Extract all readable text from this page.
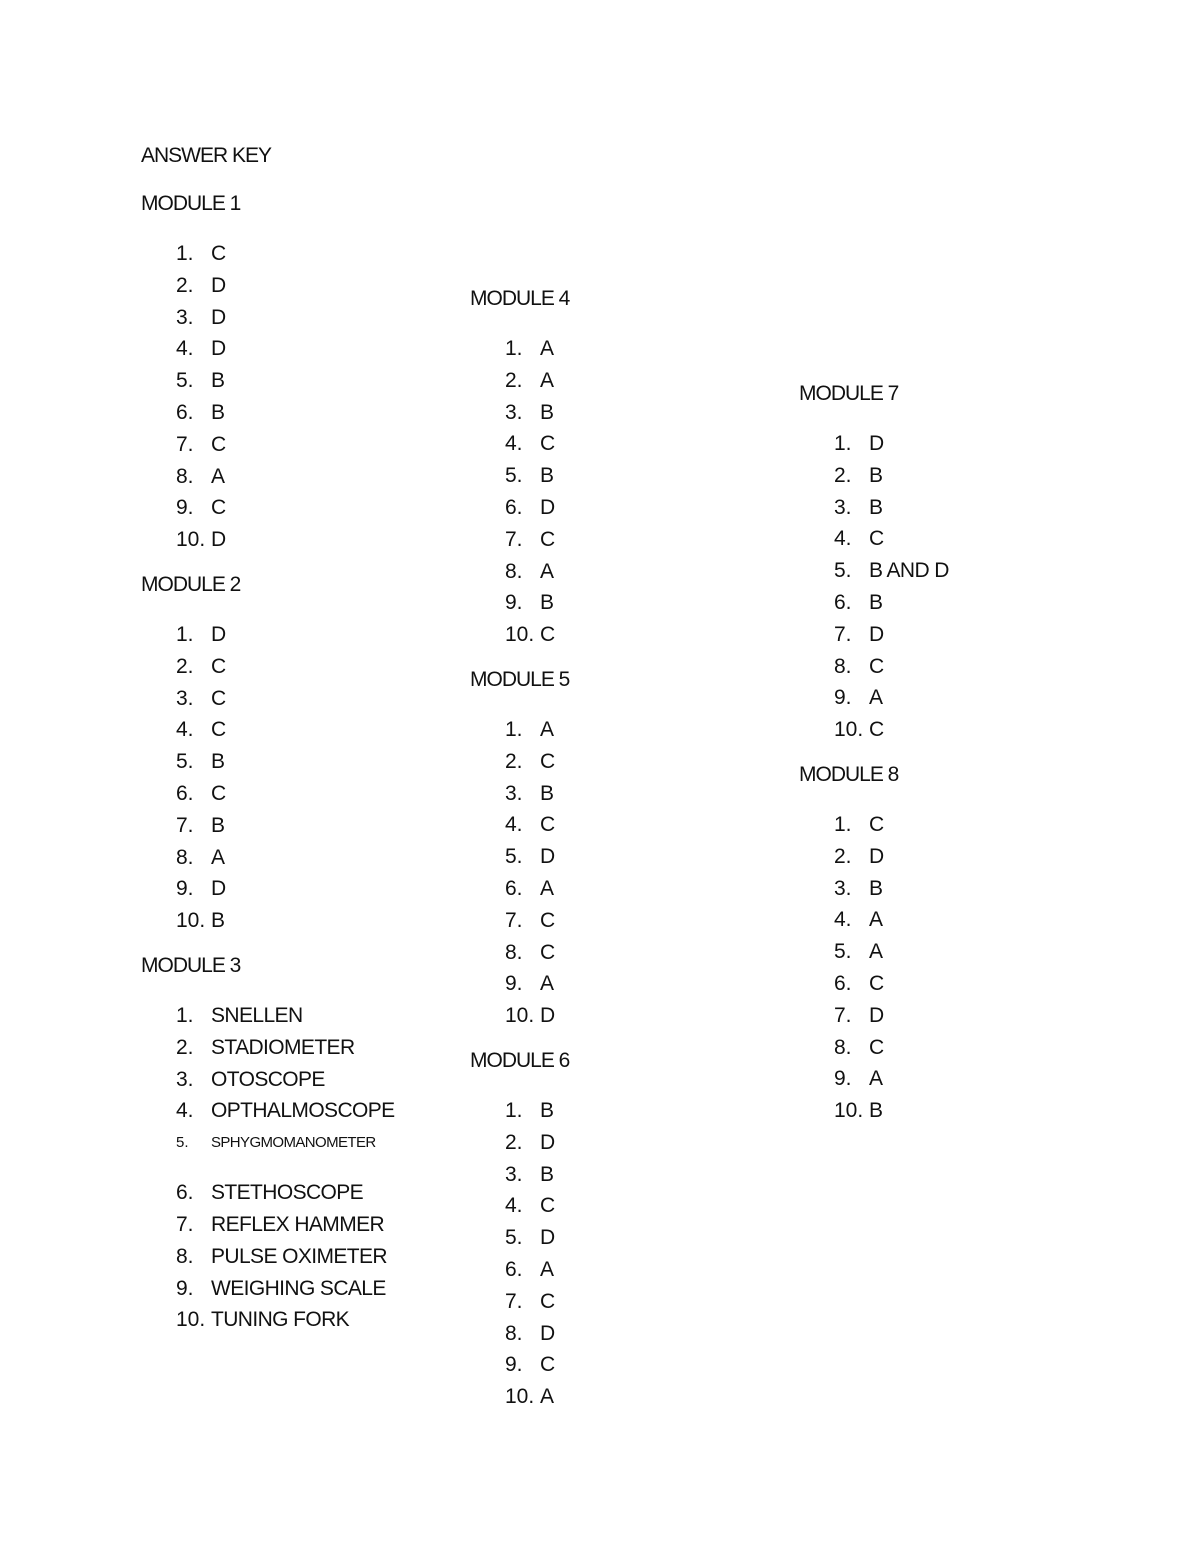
ANSWER KEY
MODULE 1
1. C
2. D
3. D
4. D
5. B
6. B
7. C
8. A
9. C
10. D
MODULE 2
1. D
2. C
3. C
4. C
5. B
6. C
7. B
8. A
9. D
10. B
MODULE 3
1. SNELLEN
2. STADIOMETER
3. OTOSCOPE
4. OPTHALMOSCOPE
5. SPHYGMOMANOMETER
6. STETHOSCOPE
7. REFLEX HAMMER
8. PULSE OXIMETER
9. WEIGHING SCALE
10. TUNING FORK
MODULE 4
1. A
2. A
3. B
4. C
5. B
6. D
7. C
8. A
9. B
10. C
MODULE 5
1. A
2. C
3. B
4. C
5. D
6. A
7. C
8. C
9. A
10. D
MODULE 6
1. B
2. D
3. B
4. C
5. D
6. A
7. C
8. D
9. C
10. A
MODULE 7
1. D
2. B
3. B
4. C
5. B AND D
6. B
7. D
8. C
9. A
10. C
MODULE 8
1. C
2. D
3. B
4. A
5. A
6. C
7. D
8. C
9. A
10. B
